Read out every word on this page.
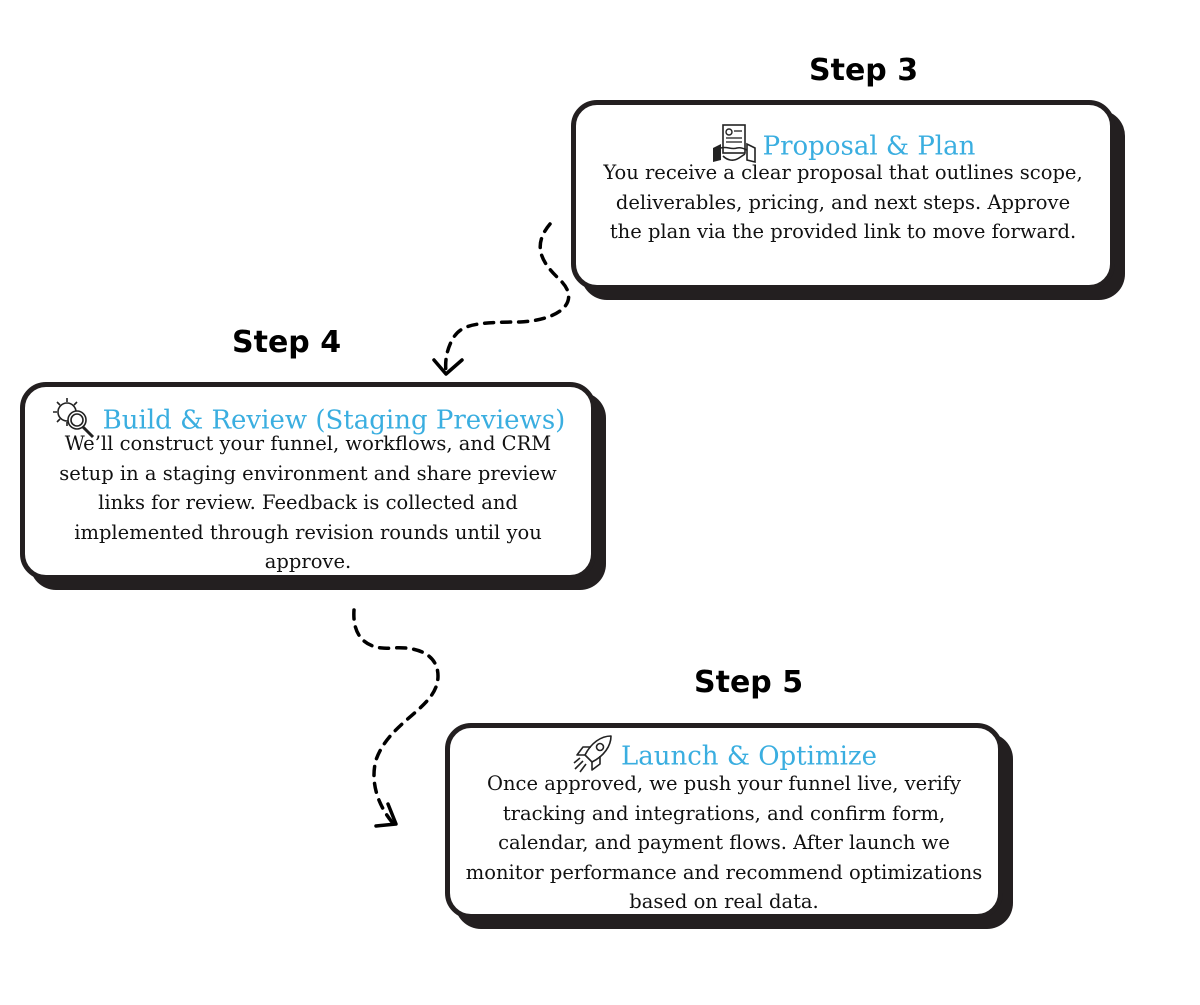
Step 3
Proposal & Plan
You receive a clear proposal that outlines scope, deliverables, pricing, and next steps. Approve the plan via the provided link to move forward.
Step 4
Build & Review (Staging Previews)
We’ll construct your funnel, workflows, and CRM setup in a staging environment and share preview links for review. Feedback is collected and implemented through revision rounds until you approve.
Step 5
Launch & Optimize
Once approved, we push your funnel live, verify tracking and integrations, and confirm form, calendar, and payment flows. After launch we monitor performance and recommend optimizations based on real data.
